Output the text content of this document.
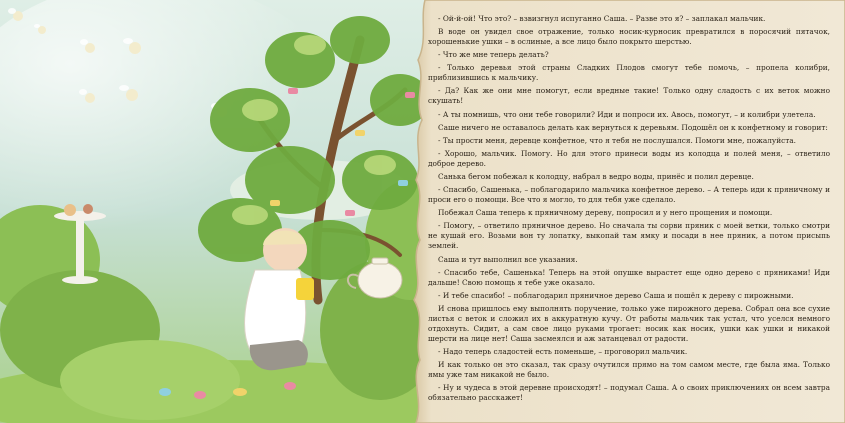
- Ой-й-ой! Что это? – взвизгнул испуганно Саша. – Разве это я? – заплакал мальчик.

В воде он увидел свое отражение, только носик-курносик превратился в поросячий пятачок, хорошенькие ушки – в ослиные, а все лицо было покрыто шерстью.

- Что же мне теперь делать?

- Только деревья этой страны Сладких Плодов смогут тебе помочь, – пропела колибри, приблизившись к мальчику.

- Да? Как же они мне помогут, если вредные такие! Только одну сладость с их веток можно скушать!

- А ты помнишь, что они тебе говорили? Иди и попроси их. Авось, помогут, – и колибри улетела.

Саше ничего не оставалось делать как вернуться к деревьям. Подошёл он к конфетному и говорит:

- Ты прости меня, деревце конфетное, что я тебя не послушался. Помоги мне, пожалуйста.

- Хорошо, мальчик. Помогу. Но для этого принеси воды из колодца и полей меня, – ответило доброе дерево.

Санька бегом побежал к колодцу, набрал в ведро воды, принёс и полил деревце.

- Спасибо, Сашенька, – поблагодарило мальчика конфетное дерево. – А теперь иди к пряничному и проси его о помощи. Все что я могло, то для тебя уже сделало.

Побежал Саша теперь к пряничному дереву, попросил и у него прощения и помощи.

- Помогу, – ответило пряничное дерево. Но сначала ты сорви пряник с моей ветки, только смотри не кушай его. Возьми вон ту лопатку, выкопай там ямку и посади в нее пряник, а потом присыпь землей.

Саша и тут выполнил все указания.

- Спасибо тебе, Сашенька! Теперь на этой опушке вырастет еще одно дерево с пряниками! Иди дальше! Свою помощь я тебе уже оказало.

- И тебе спасибо! – поблагодарил пряничное дерево Саша и пошёл к дереву с пирожными.

И снова пришлось ему выполнять поручение, только уже пирожного дерева. Собрал она все сухие листья с веток и сложил их в аккуратную кучу. От работы мальчик так устал, что уселся немного отдохнуть. Сидит, а сам свое лицо руками трогает: носик как носик, ушки как ушки и никакой шерсти на лице нет! Саша засмеялся и аж затанцевал от радости.

- Надо теперь сладостей есть поменьше, – проговорил мальчик.

И как только он это сказал, так сразу очутился прямо на том самом месте, где была яма. Только ямы уже там никакой не было.

- Ну и чудеса в этой деревне происходят! – подумал Саша. А о своих приключениях он всем завтра обязательно расскажет!
